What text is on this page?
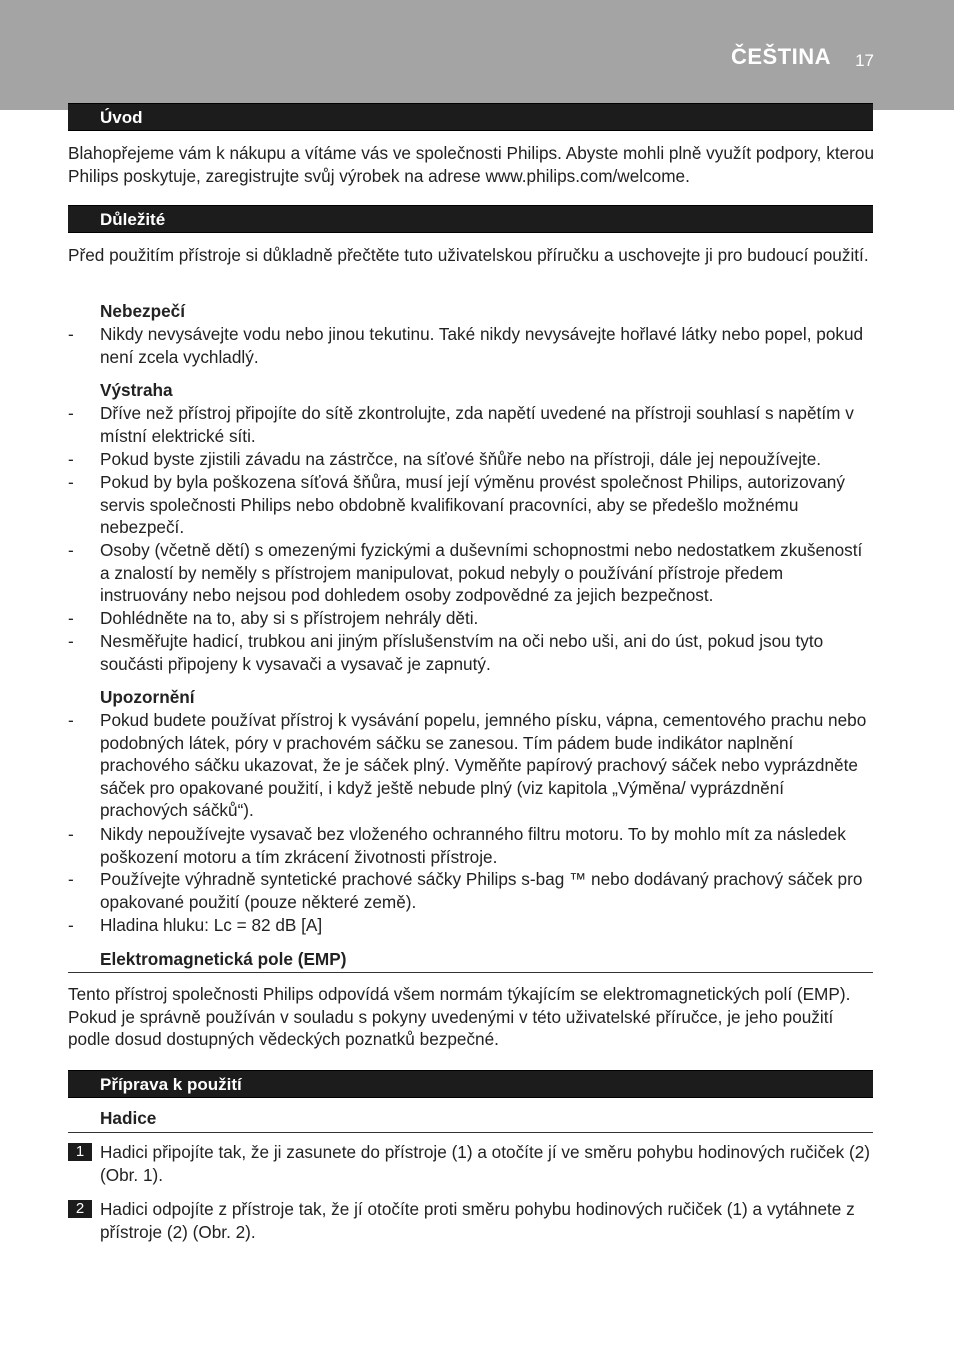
ČEŠTINA 17
Úvod
Blahopřejeme vám k nákupu a vítáme vás ve společnosti Philips. Abyste mohli plně využít podpory, kterou Philips poskytuje, zaregistrujte svůj výrobek na adrese www.philips.com/welcome.
Důležité
Před použitím přístroje si důkladně přečtěte tuto uživatelskou příručku a uschovejte ji pro budoucí použití.
Nebezpečí
- Nikdy nevysávejte vodu nebo jinou tekutinu. Také nikdy nevysávejte hořlavé látky nebo popel, pokud není zcela vychladlý.
Výstraha
- Dříve než přístroj připojíte do sítě zkontrolujte, zda napětí uvedené na přístroji souhlasí s napětím v místní elektrické síti.
- Pokud byste zjistili závadu na zástrčce, na síťové šňůře nebo na přístroji, dále jej nepoužívejte.
- Pokud by byla poškozena síťová šňůra, musí její výměnu provést společnost Philips, autorizovaný servis společnosti Philips nebo obdobně kvalifikovaní pracovníci, aby se předešlo možnému nebezpečí.
- Osoby (včetně dětí) s omezenými fyzickými a duševními schopnostmi nebo nedostatkem zkušeností a znalostí by neměly s přístrojem manipulovat, pokud nebyly o používání přístroje předem instruovány nebo nejsou pod dohledem osoby zodpovědné za jejich bezpečnost.
- Dohlédněte na to, aby si s přístrojem nehrály děti.
- Nesměřujte hadicí, trubkou ani jiným příslušenstvím na oči nebo uši, ani do úst, pokud jsou tyto součásti připojeny k vysavači a vysavač je zapnutý.
Upozornění
- Pokud budete používat přístroj k vysávání popelu, jemného písku, vápna, cementového prachu nebo podobných látek, póry v prachovém sáčku se zanesou. Tím pádem bude indikátor naplnění prachového sáčku ukazovat, že je sáček plný. Vyměňte papírový prachový sáček nebo vyprázdněte sáček pro opakované použití, i když ještě nebude plný (viz kapitola „Výměna/ vyprázdnění prachových sáčků“).
- Nikdy nepoužívejte vysavač bez vloženého ochranného filtru motoru. To by mohlo mít za následek poškození motoru a tím zkrácení životnosti přístroje.
- Používejte výhradně syntetické prachové sáčky Philips s-bag ™ nebo dodávaný prachový sáček pro opakované použití (pouze některé země).
- Hladina hluku: Lc = 82 dB [A]
Elektromagnetická pole (EMP)
Tento přístroj společnosti Philips odpovídá všem normám týkajícím se elektromagnetických polí (EMP). Pokud je správně používán v souladu s pokyny uvedenými v této uživatelské příručce, je jeho použití podle dosud dostupných vědeckých poznatků bezpečné.
Příprava k použití
Hadice
1 Hadici připojíte tak, že ji zasunete do přístroje (1) a otočíte jí ve směru pohybu hodinových ručiček (2) (Obr. 1).
2 Hadici odpojíte z přístroje tak, že jí otočíte proti směru pohybu hodinových ručiček (1) a vytáhnete z přístroje (2) (Obr. 2).
